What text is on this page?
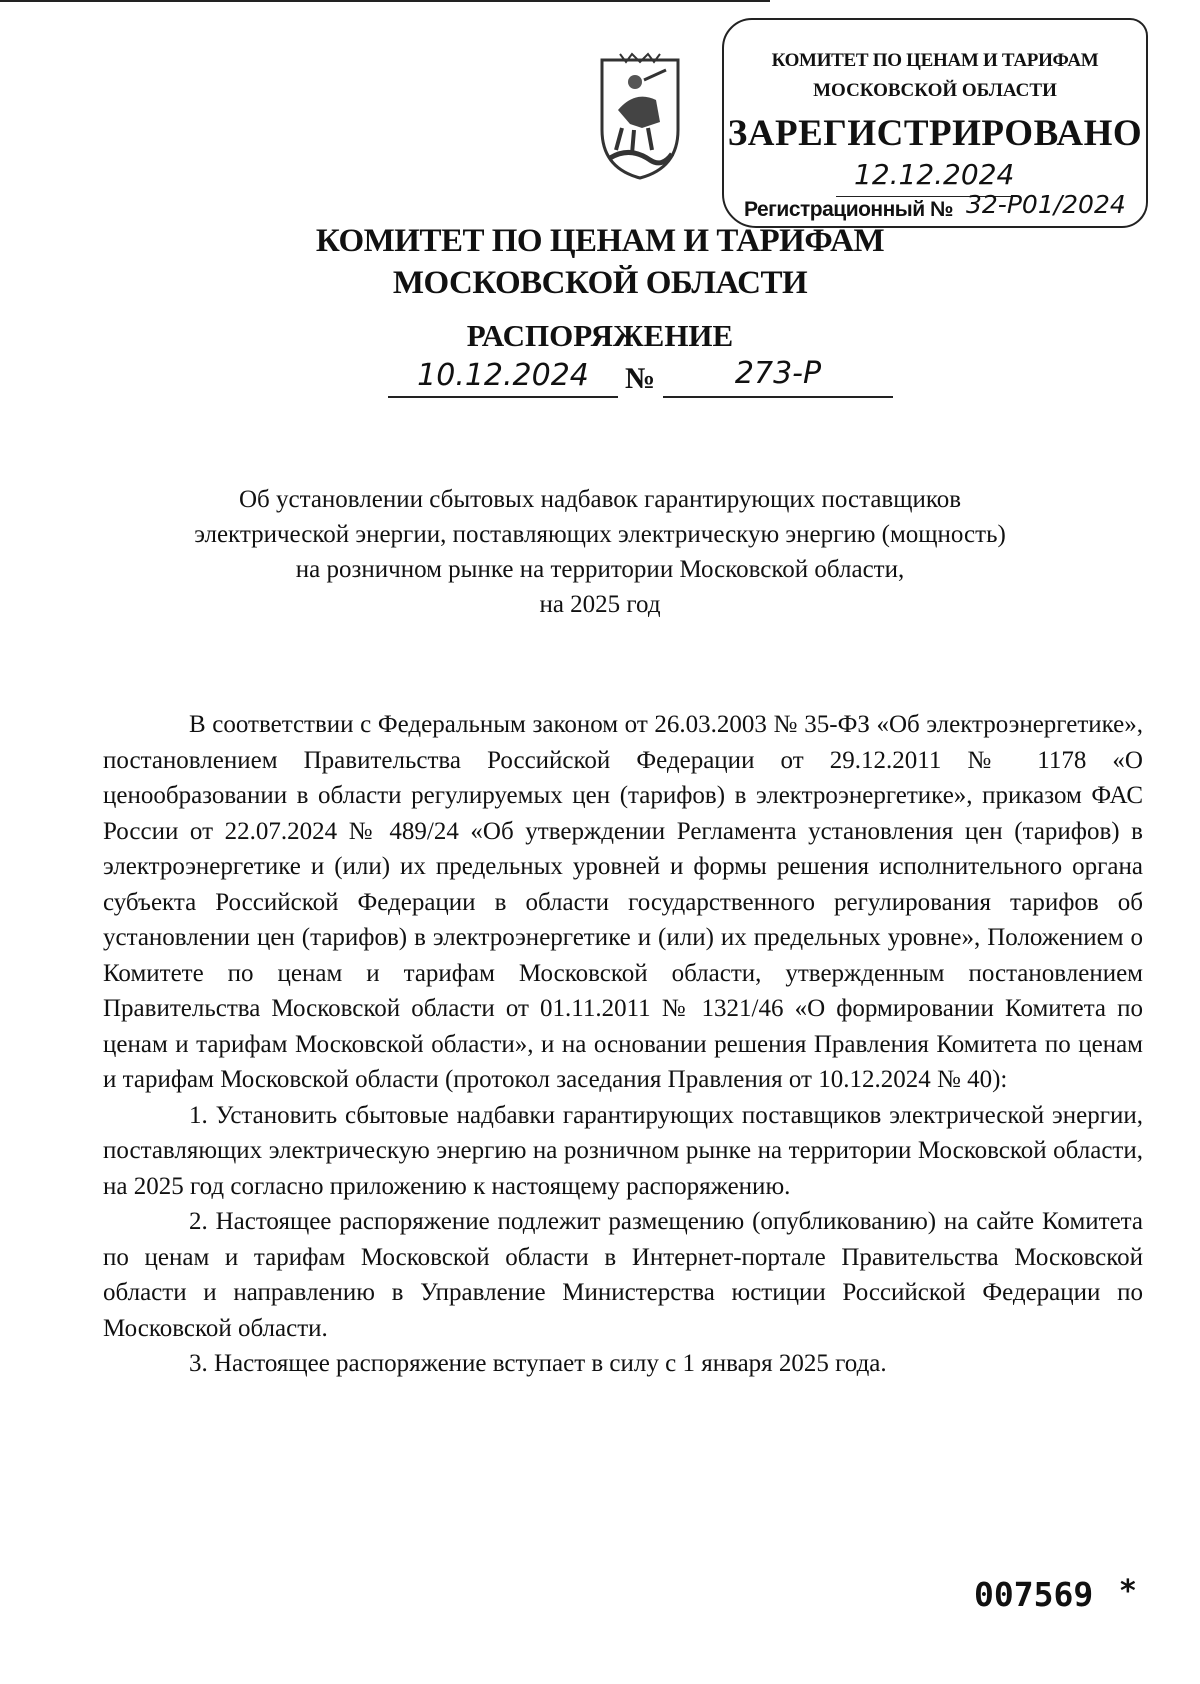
КОМИТЕТ ПО ЦЕНАМ И ТАРИФАМ
МОСКОВСКОЙ ОБЛАСТИ
ЗАРЕГИСТРИРОВАНО
12.12.2024
Регистрационный № 32-Р01/2024
КОМИТЕТ ПО ЦЕНАМ И ТАРИФАМ
МОСКОВСКОЙ ОБЛАСТИ
РАСПОРЯЖЕНИЕ
10.12.2024	№	273-Р

Об установлении сбытовых надбавок гарантирующих поставщиков

электрической энергии, поставляющих электрическую энергию (мощность)

на розничном рынке на территории Московской области,

на 2025 год

В соответствии с Федеральным законом от 26.03.2003 № 35-ФЗ «Об электроэнергетике», постановлением Правительства Российской Федерации от 29.12.2011 № 1178 «О ценообразовании в области регулируемых цен (тарифов) в электроэнергетике», приказом ФАС России от 22.07.2024 № 489/24 «Об утверждении Регламента установления цен (тарифов) в электроэнергетике и (или) их предельных уровней и формы решения исполнительного органа субъекта Российской Федерации в области государственного регулирования тарифов об установлении цен (тарифов) в электроэнергетике и (или) их предельных уровне», Положением о Комитете по ценам и тарифам Московской области, утвержденным постановлением Правительства Московской области от 01.11.2011 № 1321/46 «О формировании Комитета по ценам и тарифам Московской области», и на основании решения Правления Комитета по ценам и тарифам Московской области (протокол заседания Правления от 10.12.2024 № 40):

1. Установить сбытовые надбавки гарантирующих поставщиков электрической энергии, поставляющих электрическую энергию на розничном рынке на территории Московской области, на 2025 год согласно приложению к настоящему распоряжению.

2. Настоящее распоряжение подлежит размещению (опубликованию) на сайте Комитета по ценам и тарифам Московской области в Интернет-портале Правительства Московской области и направлению в Управление Министерства юстиции Российской Федерации по Московской области.

3. Настоящее распоряжение вступает в силу с 1 января 2025 года.

007569 *
